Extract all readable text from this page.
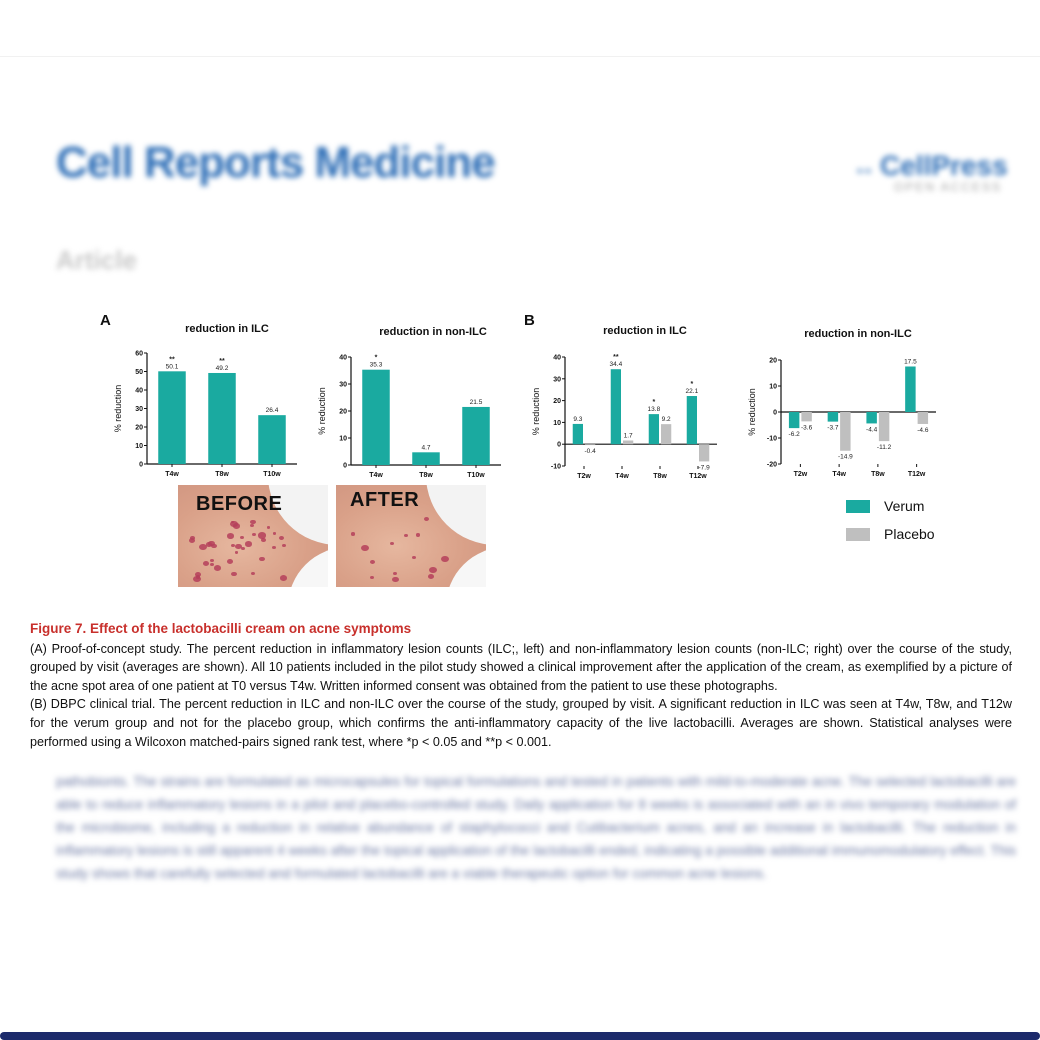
Cell Reports Medicine	↔ CellPress
OPEN ACCESS
Article
A	B
reduction in ILC
% reduction
0
10
20
30
40
50
60
T4w
50.1
**
T8w
49.2
**
T10w
26.4
reduction in non-ILC
% reduction
0
10
20
30
40
T4w
35.3
*
T8w
4.7
T10w
21.5
reduction in ILC
% reduction
-10
0
10
20
30
40
T2w
9.3
-0.4
T4w
34.4
**
1.7
T8w
13.8
*
9.2
T12w
22.1
*
-7.9
reduction in non-ILC
% reduction
-20
-10
0
10
20
T2w
-6.2
-3.6
T4w
-3.7
-14.9
T8w
-4.4
-11.2
T12w
17.5
-4.6
BEFORE	AFTER	Verum
Placebo
Figure 7. Effect of the lactobacilli cream on acne symptoms

(A) Proof-of-concept study. The percent reduction in inflammatory lesion counts (ILC;, left) and non-inflammatory lesion counts (non-ILC; right) over the course of the study, grouped by visit (averages are shown). All 10 patients included in the pilot study showed a clinical improvement after the application of the cream, as exemplified by a picture of the acne spot area of one patient at T0 versus T4w. Written informed consent was obtained from the patient to use these photographs.

(B) DBPC clinical trial. The percent reduction in ILC and non-ILC over the course of the study, grouped by visit. A significant reduction in ILC was seen at T4w, T8w, and T12w for the verum group and not for the placebo group, which confirms the anti-inflammatory capacity of the live lactobacilli. Averages are shown. Statistical analyses were performed using a Wilcoxon matched-pairs signed rank test, where *p < 0.05 and **p < 0.001.

pathobionts. The strains are formulated as microcapsules for topical formulations and tested in patients with mild-to-moderate acne. The selected lactobacilli are able to reduce inflammatory lesions in a pilot and placebo-controlled study. Daily application for 8 weeks is associated with an in vivo temporary modulation of the microbiome, including a reduction in relative abundance of staphylococci and Cutibacterium acnes, and an increase in lactobacilli. The reduction in inflammatory lesions is still apparent 4 weeks after the topical application of the lactobacilli ended, indicating a possible additional immunomodulatory effect. This study shows that carefully selected and formulated lactobacilli are a viable therapeutic option for common acne lesions.
